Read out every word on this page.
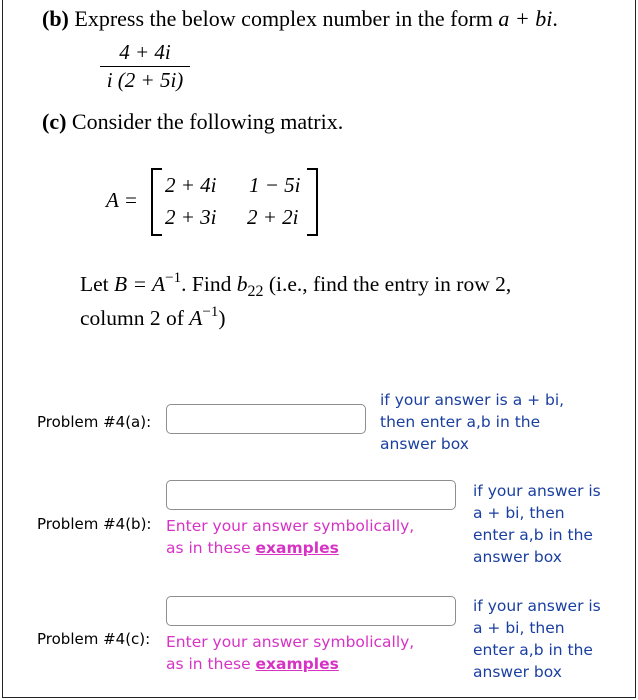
(b) Express the below complex number in the form a + bi.
$\frac{4 + 4i}{i (2 + 5i)}$
(c) Consider the following matrix.
A =
2 + 4i 1 − 5i
2 + 3i 2 + 2i
Let $B = A^{-1}$. Find $b_{22}$ (i.e., find the entry in row 2,
column 2 of $A^{-1}$)
Problem #4(a):
if your answer is a + bi,
then enter a,b in the
answer box
Problem #4(b): Enter your answer symbolically,
as in these examples
if your answer is
a + bi, then
enter a,b in the
answer box
Problem #4(c): Enter your answer symbolically,
as in these examples
if your answer is
a + bi, then
enter a,b in the
answer box
